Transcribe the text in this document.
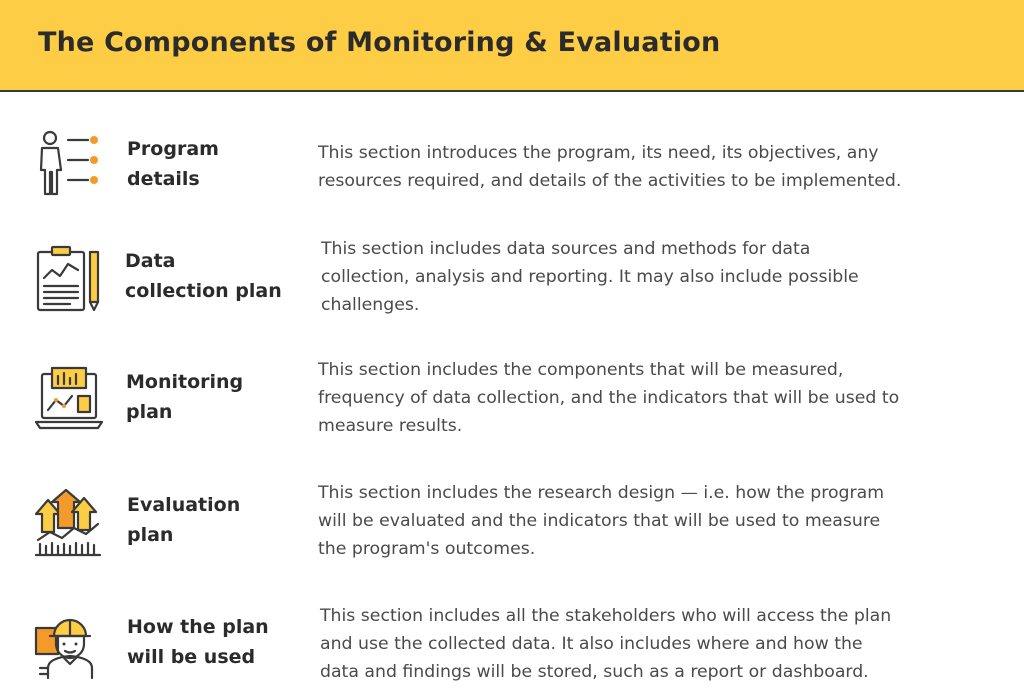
The Components of Monitoring & Evaluation
Program
details
This section introduces the program, its need, its objectives, any
resources required, and details of the activities to be implemented.
Data
collection plan
This section includes data sources and methods for data
collection, analysis and reporting. It may also include possible
challenges.
Monitoring
plan
This section includes the components that will be measured,
frequency of data collection, and the indicators that will be used to
measure results.
Evaluation
plan
This section includes the research design — i.e. how the program
will be evaluated and the indicators that will be used to measure
the program's outcomes.
How the plan
will be used
This section includes all the stakeholders who will access the plan
and use the collected data. It also includes where and how the
data and findings will be stored, such as a report or dashboard.
